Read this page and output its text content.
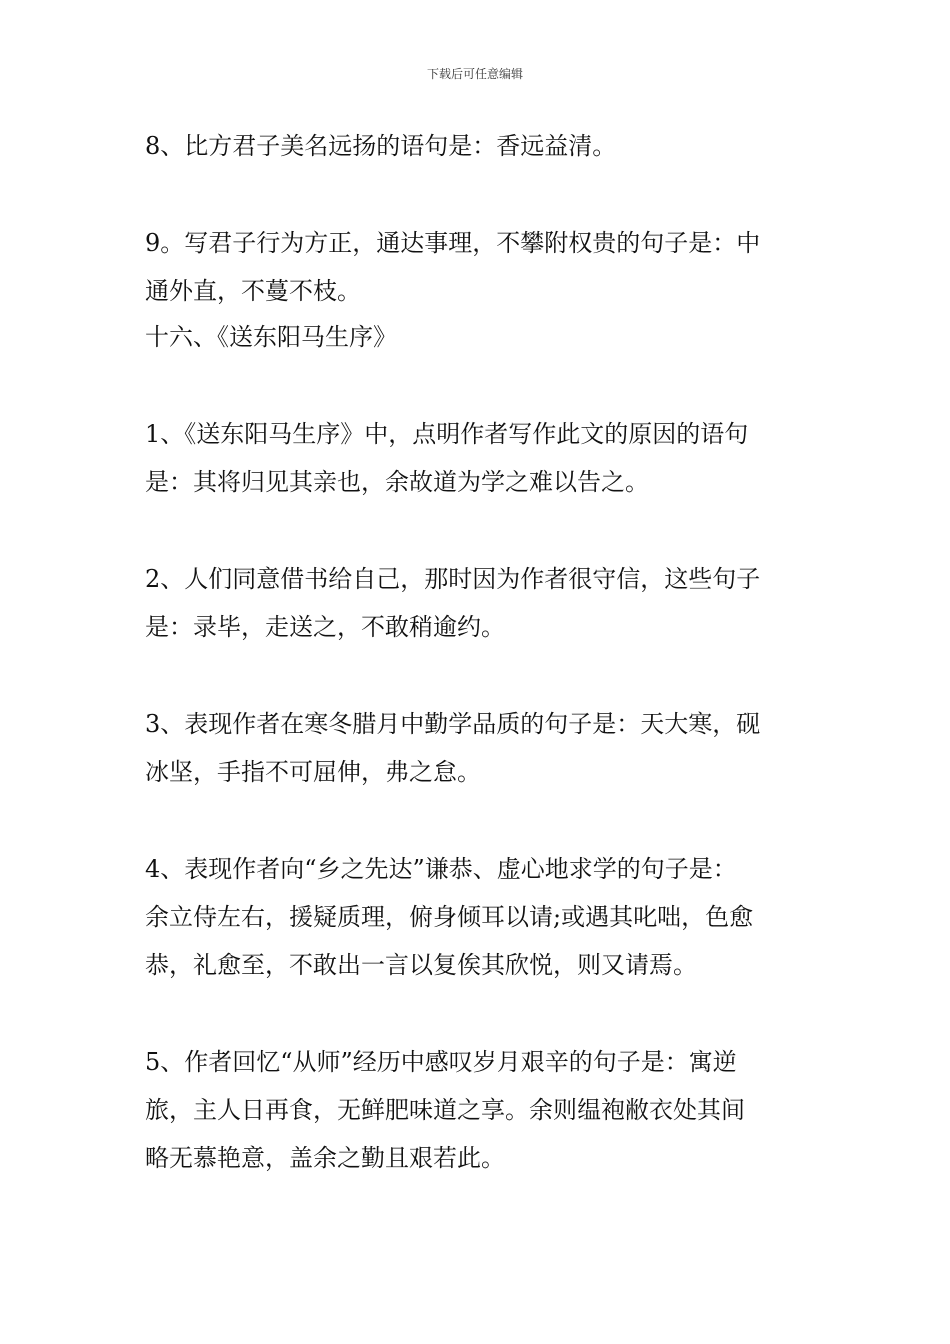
下载后可任意编辑
8、比方君子美名远扬的语句是：香远益清。
9。写君子行为方正，通达事理，不攀附权贵的句子是：中
通外直，不蔓不枝。
十六、《送东阳马生序》
1、《送东阳马生序》中，点明作者写作此文的原因的语句
是：其将归见其亲也，余故道为学之难以告之。
2、人们同意借书给自己，那时因为作者很守信，这些句子
是：录毕，走送之，不敢稍逾约。
3、表现作者在寒冬腊月中勤学品质的句子是：天大寒，砚
冰坚，手指不可屈伸，弗之怠。
4、表现作者向“乡之先达”谦恭、虚心地求学的句子是：
余立侍左右，援疑质理，俯身倾耳以请;或遇其叱咄，色愈
恭，礼愈至，不敢出一言以复俟其欣悦，则又请焉。
5、作者回忆“从师”经历中感叹岁月艰辛的句子是：寓逆
旅，主人日再食，无鲜肥味道之享。余则缊袍敝衣处其间
略无慕艳意，盖余之勤且艰若此。
